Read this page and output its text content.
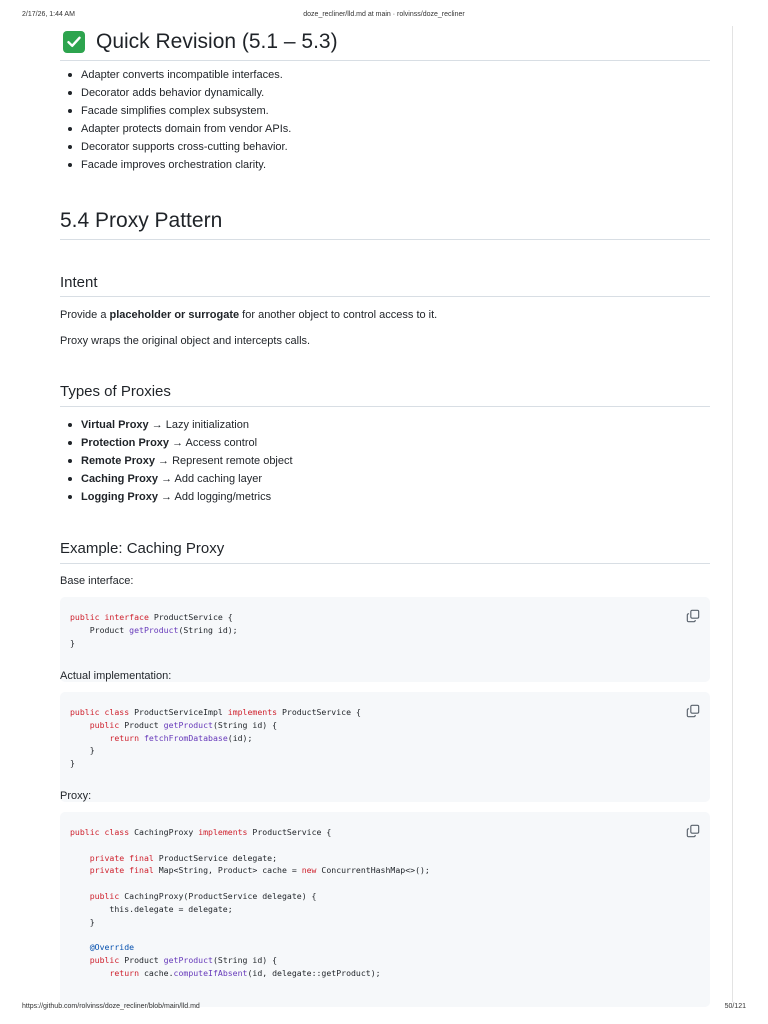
2/17/26, 1:44 AM	doze_recliner/lld.md at main · rolvinss/doze_recliner
Quick Revision (5.1 – 5.3)
Adapter converts incompatible interfaces.
Decorator adds behavior dynamically.
Facade simplifies complex subsystem.
Adapter protects domain from vendor APIs.
Decorator supports cross-cutting behavior.
Facade improves orchestration clarity.
5.4 Proxy Pattern
Intent
Provide a placeholder or surrogate for another object to control access to it.
Proxy wraps the original object and intercepts calls.
Types of Proxies
Virtual Proxy → Lazy initialization
Protection Proxy → Access control
Remote Proxy → Represent remote object
Caching Proxy → Add caching layer
Logging Proxy → Add logging/metrics
Example: Caching Proxy
Base interface:
public interface ProductService {
Product getProduct(String id);
}
Actual implementation:
public class ProductServiceImpl implements ProductService {
public Product getProduct(String id) {
return fetchFromDatabase(id);
}
}
Proxy:
public class CachingProxy implements ProductService {

private final ProductService delegate;
private final Map<String, Product> cache = new ConcurrentHashMap<>();

public CachingProxy(ProductService delegate) {
this.delegate = delegate;
}

@Override
public Product getProduct(String id) {
return cache.computeIfAbsent(id, delegate::getProduct);
https://github.com/rolvinss/doze_recliner/blob/main/lld.md	50/121
